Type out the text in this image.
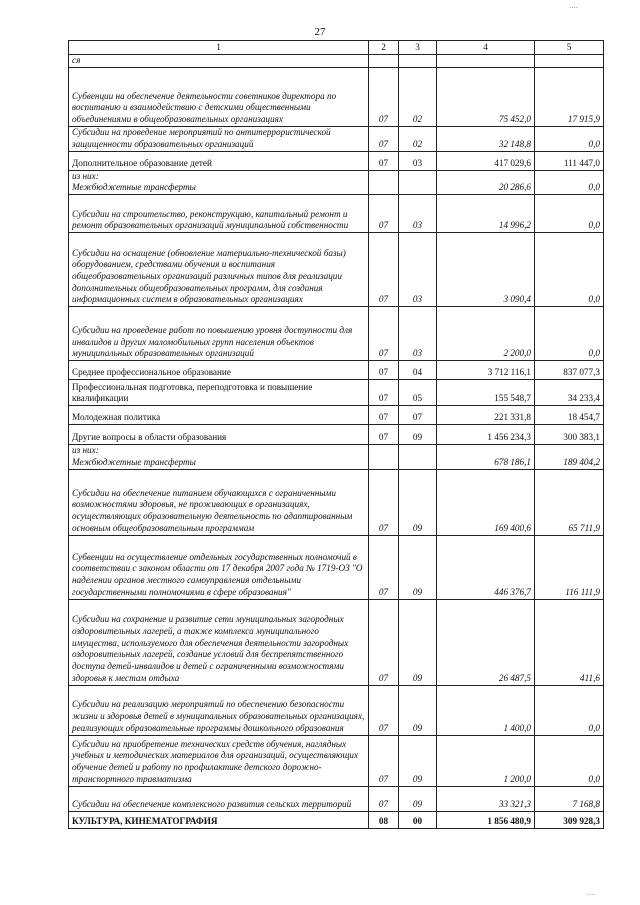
27
....
1	2	3	4	5
ся				
Субвенции на обеспечение деятельности советников директора по воспитанию и взаимодействию с детскими общественными объединениями в общеобразовательных организациях	07	02	75 452,0	17 915,9
Субсидии на проведение мероприятий по антитеррористической защищенности образовательных организаций	07	02	32 148,8	0,0
Дополнительное образование детей	07	03	417 029,6	111 447,0
из них:
Межбюджетные трансферты			20 286,6	0,0
Субсидии на строительство, реконструкцию, капитальный ремонт и ремонт образовательных организаций муниципальной собственности	07	03	14 996,2	0,0
Субсидии на оснащение (обновление материально-технической базы) оборудованием, средствами обучения и воспитания общеобразовательных организаций различных типов для реализации дополнительных общеобразовательных программ, для создания информационных систем в образовательных организациях	07	03	3 090,4	0,0
Субсидии на проведение работ по повышению уровня доступности для инвалидов и других маломобильных групп населения объектов муниципальных образовательных организаций	07	03	2 200,0	0,0
Среднее профессиональное образование	07	04	3 712 116,1	837 077,3
Профессиональная подготовка, переподготовка и повышение квалификации	07	05	155 548,7	34 233,4
Молодежная политика	07	07	221 331,8	18 454,7
Другие вопросы в области образования	07	09	1 456 234,3	300 383,1
из них:
Межбюджетные трансферты			678 186,1	189 404,2
Субсидии на обеспечение питанием обучающихся с ограниченными возможностями здоровья, не проживающих в организациях, осуществляющих образовательную деятельность по адаптированным основным общеобразовательным программам	07	09	169 400,6	65 711,9
Субвенции на осуществление отдельных государственных полномочий в соответствии с законом области от 17 декабря 2007 года № 1719-ОЗ "О наделении органов местного самоуправления отдельными государственными полномочиями в сфере образования"	07	09	446 376,7	116 111,9
Субсидии на сохранение и развитие сети муниципальных загородных оздоровительных лагерей, а также комплекса муниципального имущества, используемого для обеспечения деятельности загородных оздоровительных лагерей, создание условий для беспрепятственного доступа детей-инвалидов и детей с ограниченными возможностями здоровья к местам отдыха	07	09	26 487,5	411,6
Субсидии на реализацию мероприятий по обеспечению безопасности жизни и здоровья детей в муниципальных образовательных организациях, реализующих образовательные программы дошкольного образования	07	09	1 400,0	0,0
Субсидии на приобретение технических средств обучения, наглядных учебных и методических материалов для организаций, осуществляющих обучение детей и работу по профилактике детского дорожно-транспортного травматизма	07	09	1 200,0	0,0
Субсидии на обеспечение комплексного развития сельских территорий	07	09	33 321,3	7 168,8
КУЛЬТУРА, КИНЕМАТОГРАФИЯ	08	00	1 856 480,9	309 928,3
....
